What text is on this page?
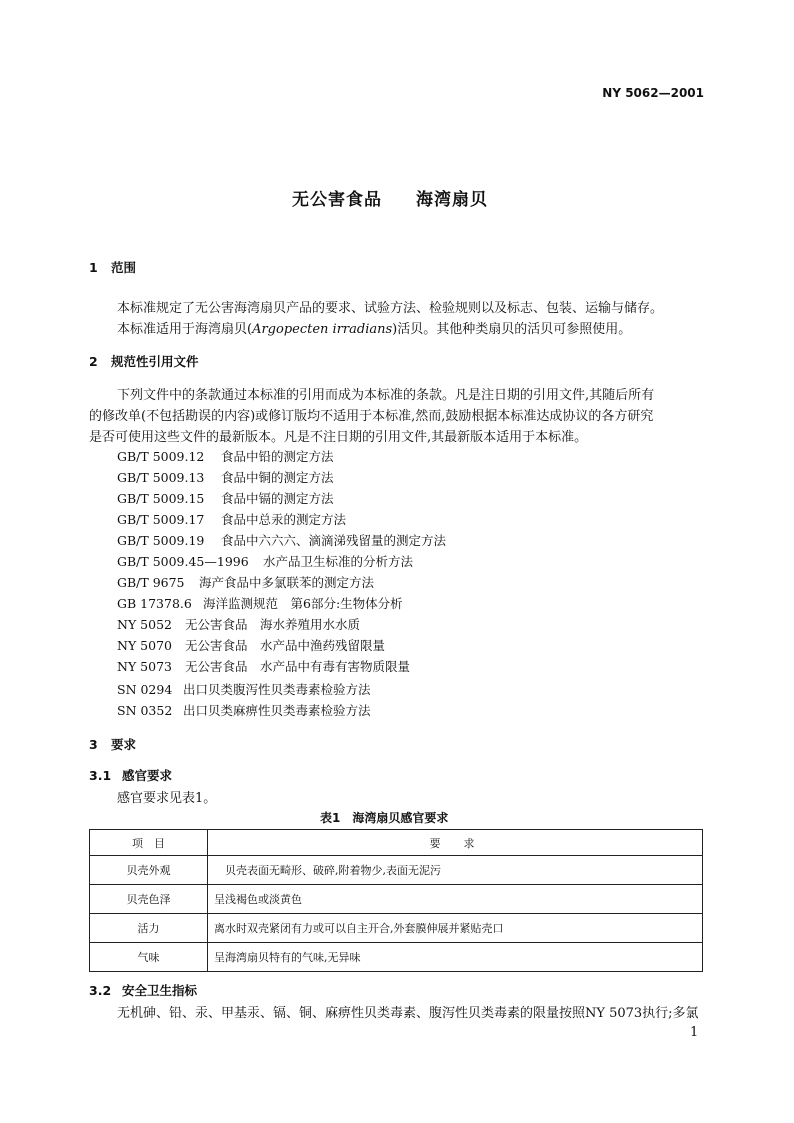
NY 5062—2001
无公害食品 海湾扇贝
1 范围
本标准规定了无公害海湾扇贝产品的要求、试验方法、检验规则以及标志、包装、运输与储存。
本标准适用于海湾扇贝(Argopecten irradians)活贝。其他种类扇贝的活贝可参照使用。
2 规范性引用文件
下列文件中的条款通过本标准的引用而成为本标准的条款。凡是注日期的引用文件,其随后所有
的修改单(不包括勘误的内容)或修订版均不适用于本标准,然而,鼓励根据本标准达成协议的各方研究
是否可使用这些文件的最新版本。凡是不注日期的引用文件,其最新版本适用于本标准。
GB/T 5009.12 食品中铅的测定方法
GB/T 5009.13 食品中铜的测定方法
GB/T 5009.15 食品中镉的测定方法
GB/T 5009.17 食品中总汞的测定方法
GB/T 5009.19 食品中六六六、滴滴涕残留量的测定方法
GB/T 5009.45—1996 水产品卫生标准的分析方法
GB/T 9675 海产食品中多氯联苯的测定方法
GB 17378.6 海洋监测规范　第6部分:生物体分析
NY 5052 无公害食品　海水养殖用水水质
NY 5070 无公害食品　水产品中渔药残留限量
NY 5073 无公害食品　水产品中有毒有害物质限量
SN 0294 出口贝类腹泻性贝类毒素检验方法
SN 0352 出口贝类麻痹性贝类毒素检验方法
3 要求
3.1 感官要求
感官要求见表1。
表1　海湾扇贝感官要求
项　目	要　求
贝壳外观	　贝壳表面无畸形、破碎,附着物少,表面无泥污
贝壳色泽	呈浅褐色或淡黄色
活力	离水时双壳紧闭有力或可以自主开合,外套膜伸展并紧贴壳口
气味	呈海湾扇贝特有的气味,无异味
3.2 安全卫生指标
无机砷、铅、汞、甲基汞、镉、铜、麻痹性贝类毒素、腹泻性贝类毒素的限量按照NY 5073执行;多氯
1
